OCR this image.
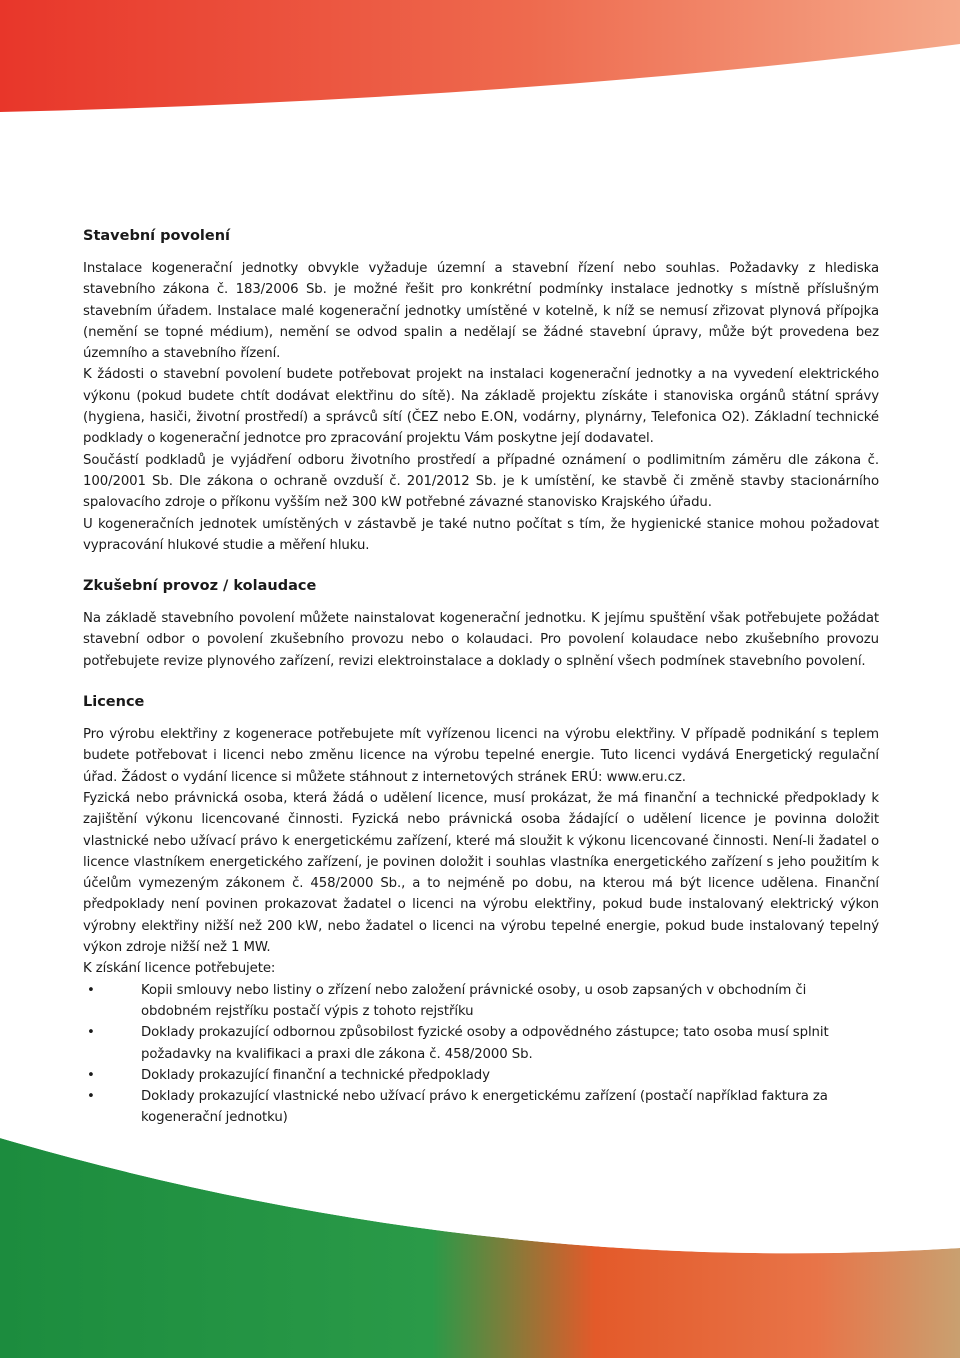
Stavební povolení

Instalace kogenerační jednotky obvykle vyžaduje územní a stavební řízení nebo souhlas. Požadavky z hlediska stavebního zákona č. 183/2006 Sb. je možné řešit pro konkrétní podmínky instalace jednotky s místně příslušným stavebním úřadem. Instalace malé kogenerační jednotky umístěné v kotelně, k níž se nemusí zřizovat plynová přípojka (nemění se topné médium), nemění se odvod spalin a nedělají se žádné stavební úpravy, může být provedena bez územního a stavebního řízení.

K žádosti o stavební povolení budete potřebovat projekt na instalaci kogenerační jednotky a na vyvedení elektrického výkonu (pokud budete chtít dodávat elektřinu do sítě). Na základě projektu získáte i stanoviska orgánů státní správy (hygiena, hasiči, životní prostředí) a správců sítí (ČEZ nebo E.ON, vodárny, plynárny, Telefonica O2). Základní technické podklady o kogenerační jednotce pro zpracování projektu Vám poskytne její dodavatel.

Součástí podkladů je vyjádření odboru životního prostředí a případné oznámení o podlimitním záměru dle zákona č. 100/2001 Sb. Dle zákona o ochraně ovzduší č. 201/2012 Sb. je k umístění, ke stavbě či změně stavby stacionárního spalovacího zdroje o příkonu vyšším než 300 kW potřebné závazné stanovisko Krajského úřadu.

U kogeneračních jednotek umístěných v zástavbě je také nutno počítat s tím, že hygienické stanice mohou požadovat vypracování hlukové studie a měření hluku.

Zkušební provoz / kolaudace

Na základě stavebního povolení můžete nainstalovat kogenerační jednotku. K jejímu spuštění však potřebujete požádat stavební odbor o povolení zkušebního provozu nebo o kolaudaci. Pro povolení kolaudace nebo zkušebního provozu potřebujete revize plynového zařízení, revizi elektroinstalace a doklady o splnění všech podmínek stavebního povolení.

Licence

Pro výrobu elektřiny z kogenerace potřebujete mít vyřízenou licenci na výrobu elektřiny. V případě podnikání s teplem budete potřebovat i licenci nebo změnu licence na výrobu tepelné energie. Tuto licenci vydává Energetický regulační úřad. Žádost o vydání licence si můžete stáhnout z internetových stránek ERÚ: www.eru.cz.

Fyzická nebo právnická osoba, která žádá o udělení licence, musí prokázat, že má finanční a technické předpoklady k zajištění výkonu licencované činnosti. Fyzická nebo právnická osoba žádající o udělení licence je povinna doložit vlastnické nebo užívací právo k energetickému zařízení, které má sloužit k výkonu licencované činnosti. Není-li žadatel o licence vlastníkem energetického zařízení, je povinen doložit i souhlas vlastníka energetického zařízení s jeho použitím k účelům vymezeným zákonem č. 458/2000 Sb., a to nejméně po dobu, na kterou má být licence udělena. Finanční předpoklady není povinen prokazovat žadatel o licenci na výrobu elektřiny, pokud bude instalovaný elektrický výkon výrobny elektřiny nižší než 200 kW, nebo žadatel o licenci na výrobu tepelné energie, pokud bude instalovaný tepelný výkon zdroje nižší než 1 MW.

K získání licence potřebujete:

•	Kopii smlouvy nebo listiny o zřízení nebo založení právnické osoby, u osob zapsaných v obchodním či obdobném rejstříku postačí výpis z tohoto rejstříku
•	Doklady prokazující odbornou způsobilost fyzické osoby a odpovědného zástupce; tato osoba musí splnit požadavky na kvalifikaci a praxi dle zákona č. 458/2000 Sb.
•	Doklady prokazující finanční a technické předpoklady
•	Doklady prokazující vlastnické nebo užívací právo k energetickému zařízení (postačí například faktura za kogenerační jednotku)
